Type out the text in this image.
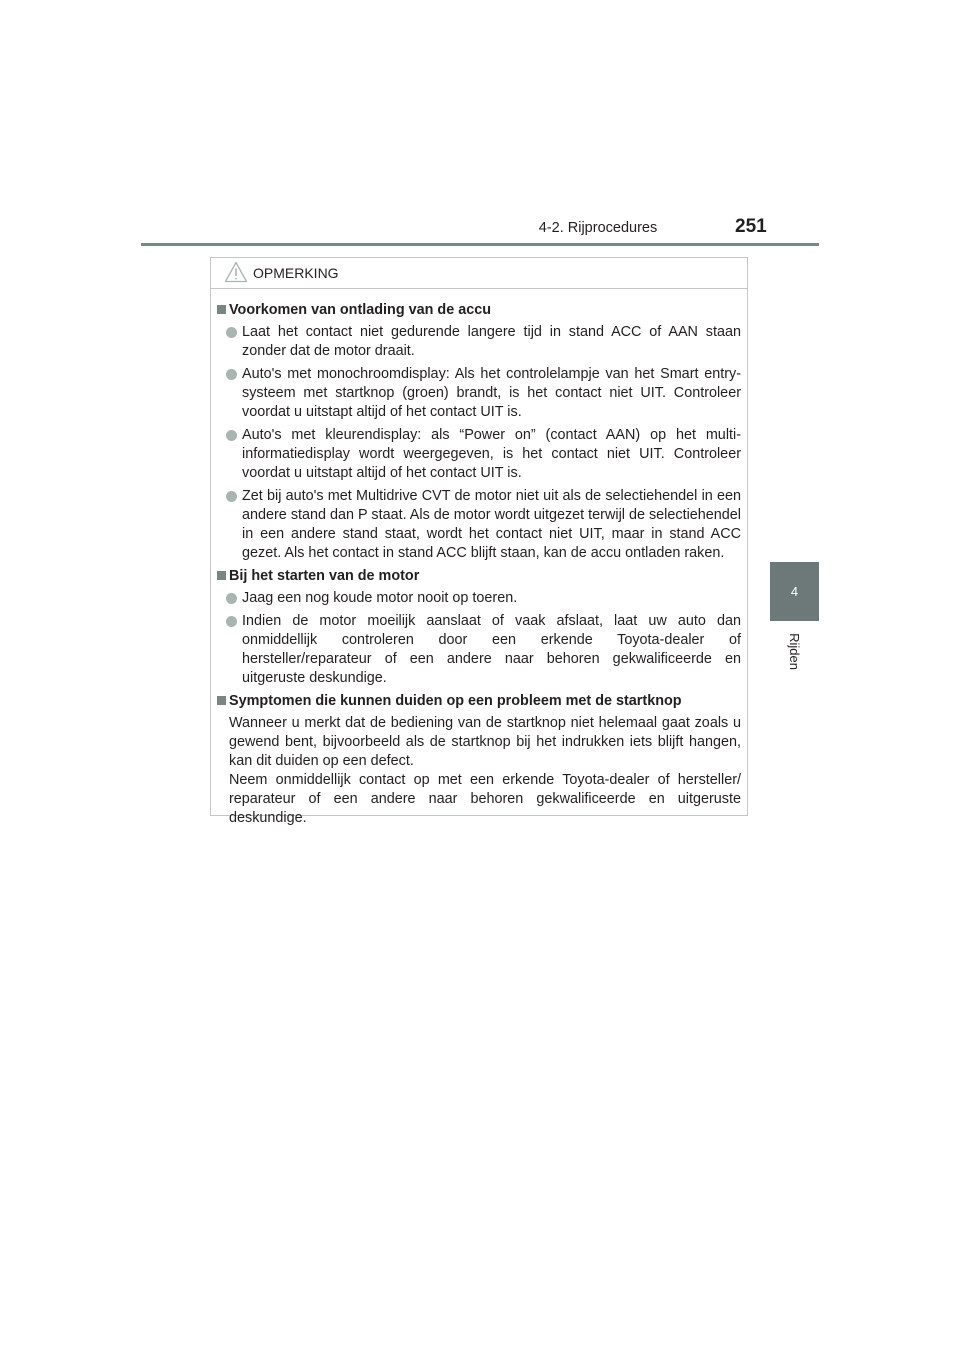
4-2. Rijprocedures	251
4
Rijden
OPMERKING
Voorkomen van ontlading van de accu
Laat het contact niet gedurende langere tijd in stand ACC of AAN staan zonder dat de motor draait.
Auto's met monochroomdisplay: Als het controlelampje van het Smart entry-systeem met startknop (groen) brandt, is het contact niet UIT. Controleer voordat u uitstapt altijd of het contact UIT is.
Auto's met kleurendisplay: als “Power on” (contact AAN) op het multi-informatiedisplay wordt weergegeven, is het contact niet UIT. Controleer voordat u uitstapt altijd of het contact UIT is.
Zet bij auto's met Multidrive CVT de motor niet uit als de selectiehendel in een andere stand dan P staat. Als de motor wordt uitgezet terwijl de selectiehendel in een andere stand staat, wordt het contact niet UIT, maar in stand ACC gezet. Als het contact in stand ACC blijft staan, kan de accu ontladen raken.
Bij het starten van de motor
Jaag een nog koude motor nooit op toeren.
Indien de motor moeilijk aanslaat of vaak afslaat, laat uw auto dan onmiddellijk controleren door een erkende Toyota-dealer of hersteller/reparateur of een andere naar behoren gekwalificeerde en uitgeruste deskundige.
Symptomen die kunnen duiden op een probleem met de startknop
Wanneer u merkt dat de bediening van de startknop niet helemaal gaat zoals u gewend bent, bijvoorbeeld als de startknop bij het indrukken iets blijft hangen, kan dit duiden op een defect.
Neem onmiddellijk contact op met een erkende Toyota-dealer of hersteller/ reparateur of een andere naar behoren gekwalificeerde en uitgeruste deskundige.
